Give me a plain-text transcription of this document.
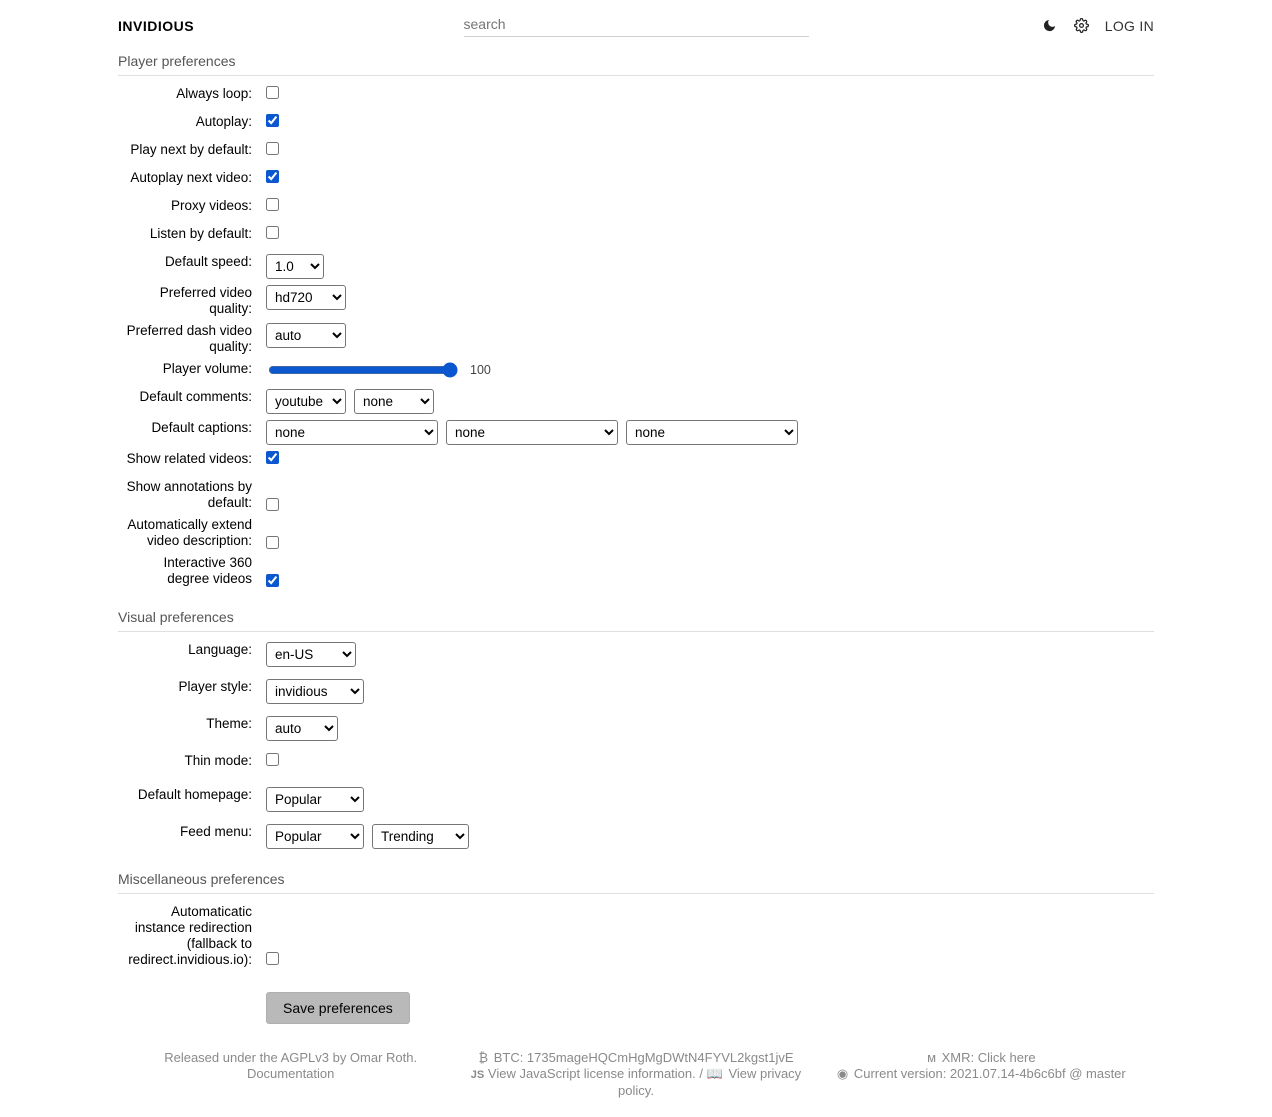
INVIDIOUS
search	LOG IN
Player preferences
Always loop:
Autoplay:
Play next by default:
Autoplay next video:
Proxy videos:
Listen by default:
Default speed:
1.0
Preferred video quality:
hd720
Preferred dash video quality:
auto
Player volume:	100
Default comments:
youtube
none
Default captions:
none
none
none
Show related videos:
Show annotations by default:
Automatically extend video description:
Interactive 360 degree videos
Visual preferences
Language:
en-US
Player style:
invidious
Theme:
auto
Thin mode:
Default homepage:
Popular
Feed menu:
Popular
Trending
Miscellaneous preferences
Automaticatic instance redirection (fallback to redirect.invidious.io):
Save preferences
Released under the AGPLv3 by Omar Roth.
Documentation
₿ BTC: 1735mageHQCmHgMgDWtN4FYVL2kgst1jvE
JS View JavaScript license information. / 📖 View privacy policy.
м XMR: Click here
◉ Current version: 2021.07.14-4b6c6bf @ master
